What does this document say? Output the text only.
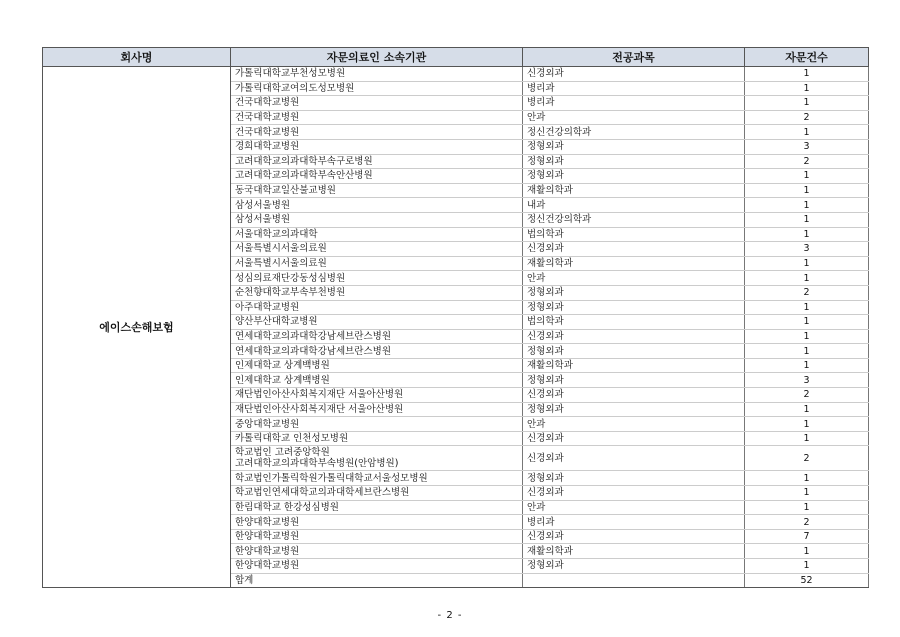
회사명	자문의료인 소속기관	전공과목	자문건수
에이스손해보험	가톨릭대학교부천성모병원	신경외과	1
	가톨릭대학교여의도성모병원	병리과	1
	건국대학교병원	병리과	1
	건국대학교병원	안과	2
	건국대학교병원	정신건강의학과	1
	경희대학교병원	정형외과	3
	고려대학교의과대학부속구로병원	정형외과	2
	고려대학교의과대학부속안산병원	정형외과	1
	동국대학교일산불교병원	재활의학과	1
	삼성서울병원	내과	1
	삼성서울병원	정신건강의학과	1
	서울대학교의과대학	법의학과	1
	서울특별시서울의료원	신경외과	3
	서울특별시서울의료원	재활의학과	1
	성심의료재단강동성심병원	안과	1
	순천향대학교부속부천병원	정형외과	2
	아주대학교병원	정형외과	1
	양산부산대학교병원	법의학과	1
	연세대학교의과대학강남세브란스병원	신경외과	1
	연세대학교의과대학강남세브란스병원	정형외과	1
	인제대학교 상계백병원	재활의학과	1
	인제대학교 상계백병원	정형외과	3
	재단법인아산사회복지재단 서울아산병원	신경외과	2
	재단법인아산사회복지재단 서울아산병원	정형외과	1
	중앙대학교병원	안과	1
	카톨릭대학교 인천성모병원	신경외과	1
	학교법인 고려중앙학원
고려대학교의과대학부속병원(안암병원)	신경외과	2
	학교법인가톨릭학원가톨릭대학교서울성모병원	정형외과	1
	학교법인연세대학교의과대학세브란스병원	신경외과	1
	한림대학교 한강성심병원	안과	1
	한양대학교병원	병리과	2
	한양대학교병원	신경외과	7
	한양대학교병원	재활의학과	1
	한양대학교병원	정형외과	1
	합계		52
- 2 -
